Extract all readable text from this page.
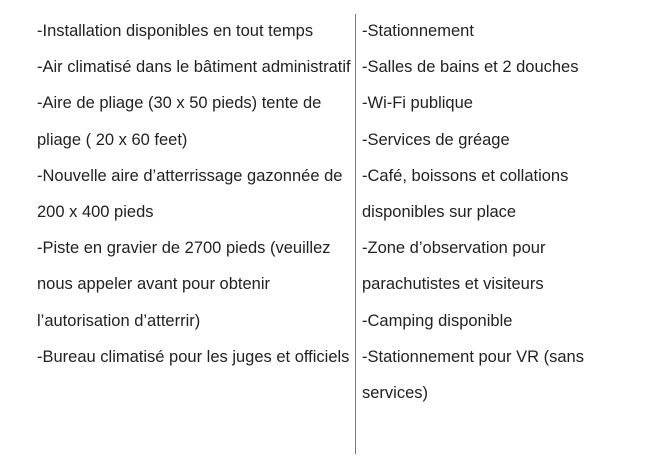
-Installation disponibles en tout temps
-Air climatisé dans le bâtiment administratif
-Aire de pliage (30 x 50 pieds) tente de pliage ( 20 x 60 feet)
-Nouvelle aire d’atterrissage gazonnée de 200 x 400 pieds
-Piste en gravier de 2700 pieds (veuillez nous appeler avant pour obtenir l’autorisation d’atterrir)
-Bureau climatisé pour les juges et officiels
-Stationnement
-Salles de bains et 2 douches
-Wi-Fi publique
-Services de gréage
-Café, boissons et collations disponibles sur place
-Zone d’observation pour parachutistes et visiteurs
-Camping disponible
-Stationnement pour VR (sans services)
